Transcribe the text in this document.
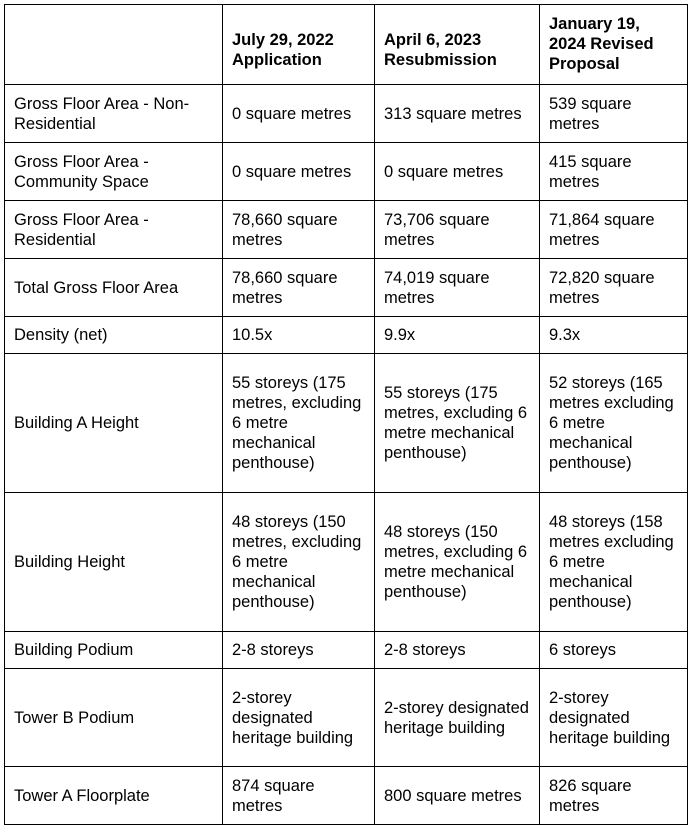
	July 29, 2022 Application	April 6, 2023 Resubmission	January 19, 2024 Revised Proposal
Gross Floor Area - Non-Residential	0 square metres	313 square metres	539 square metres
Gross Floor Area - Community Space	0 square metres	0 square metres	415 square metres
Gross Floor Area - Residential	78,660 square metres	73,706 square metres	71,864 square metres
Total Gross Floor Area	78,660 square metres	74,019 square metres	72,820 square metres
Density (net)	10.5x	9.9x	9.3x
Building A Height	55 storeys (175 metres, excluding 6 metre mechanical penthouse)	55 storeys (175 metres, excluding 6 metre mechanical penthouse)	52 storeys (165 metres excluding 6 metre mechanical penthouse)
Building Height	48 storeys (150 metres, excluding 6 metre mechanical penthouse)	48 storeys (150 metres, excluding 6 metre mechanical penthouse)	48 storeys (158 metres excluding 6 metre mechanical penthouse)
Building Podium	2-8 storeys	2-8 storeys	6 storeys
Tower B Podium	2-storey designated heritage building	2-storey designated heritage building	2-storey designated heritage building
Tower A Floorplate	874 square metres	800 square metres	826 square metres
